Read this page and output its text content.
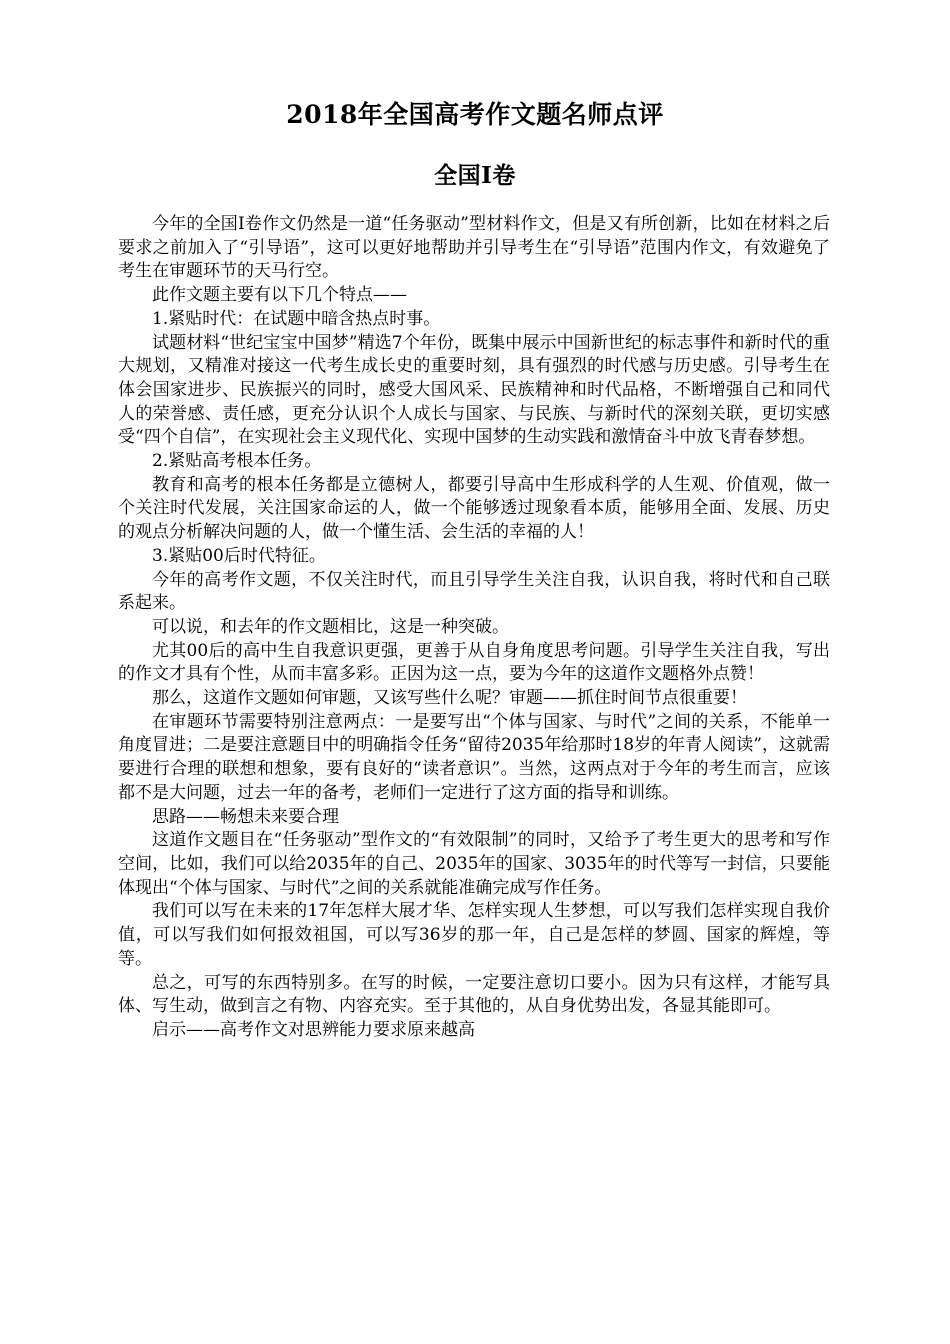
2018年全国高考作文题名师点评
全国Ⅰ卷

今年的全国Ⅰ卷作文仍然是一道“任务驱动”型材料作文，但是又有所创新，比如在材料之后要求之前加入了“引导语”，这可以更好地帮助并引导考生在“引导语”范围内作文，有效避免了考生在审题环节的天马行空。

此作文题主要有以下几个特点——

1.紧贴时代：在试题中暗含热点时事。

试题材料“世纪宝宝中国梦”精选7个年份，既集中展示中国新世纪的标志事件和新时代的重大规划，又精准对接这一代考生成长史的重要时刻，具有强烈的时代感与历史感。引导考生在体会国家进步、民族振兴的同时，感受大国风采、民族精神和时代品格，不断增强自己和同代人的荣誉感、责任感，更充分认识个人成长与国家、与民族、与新时代的深刻关联，更切实感受“四个自信”，在实现社会主义现代化、实现中国梦的生动实践和激情奋斗中放飞青春梦想。

2.紧贴高考根本任务。

教育和高考的根本任务都是立德树人，都要引导高中生形成科学的人生观、价值观，做一个关注时代发展，关注国家命运的人，做一个能够透过现象看本质，能够用全面、发展、历史的观点分析解决问题的人，做一个懂生活、会生活的幸福的人！

3.紧贴00后时代特征。

今年的高考作文题，不仅关注时代，而且引导学生关注自我，认识自我，将时代和自己联系起来。

可以说，和去年的作文题相比，这是一种突破。

尤其00后的高中生自我意识更强，更善于从自身角度思考问题。引导学生关注自我，写出的作文才具有个性，从而丰富多彩。正因为这一点，要为今年的这道作文题格外点赞！

那么，这道作文题如何审题，又该写些什么呢？审题——抓住时间节点很重要！

在审题环节需要特别注意两点：一是要写出“个体与国家、与时代”之间的关系，不能单一角度冒进；二是要注意题目中的明确指令任务“留待2035年给那时18岁的年青人阅读”，这就需要进行合理的联想和想象，要有良好的“读者意识”。当然，这两点对于今年的考生而言，应该都不是大问题，过去一年的备考，老师们一定进行了这方面的指导和训练。

思路——畅想未来要合理

这道作文题目在“任务驱动”型作文的“有效限制”的同时，又给予了考生更大的思考和写作空间，比如，我们可以给2035年的自己、2035年的国家、3035年的时代等写一封信，只要能体现出“个体与国家、与时代”之间的关系就能准确完成写作任务。

我们可以写在未来的17年怎样大展才华、怎样实现人生梦想，可以写我们怎样实现自我价值，可以写我们如何报效祖国，可以写36岁的那一年，自己是怎样的梦圆、国家的辉煌，等等。

总之，可写的东西特别多。在写的时候，一定要注意切口要小。因为只有这样，才能写具体、写生动，做到言之有物、内容充实。至于其他的，从自身优势出发，各显其能即可。

启示——高考作文对思辨能力要求原来越高
